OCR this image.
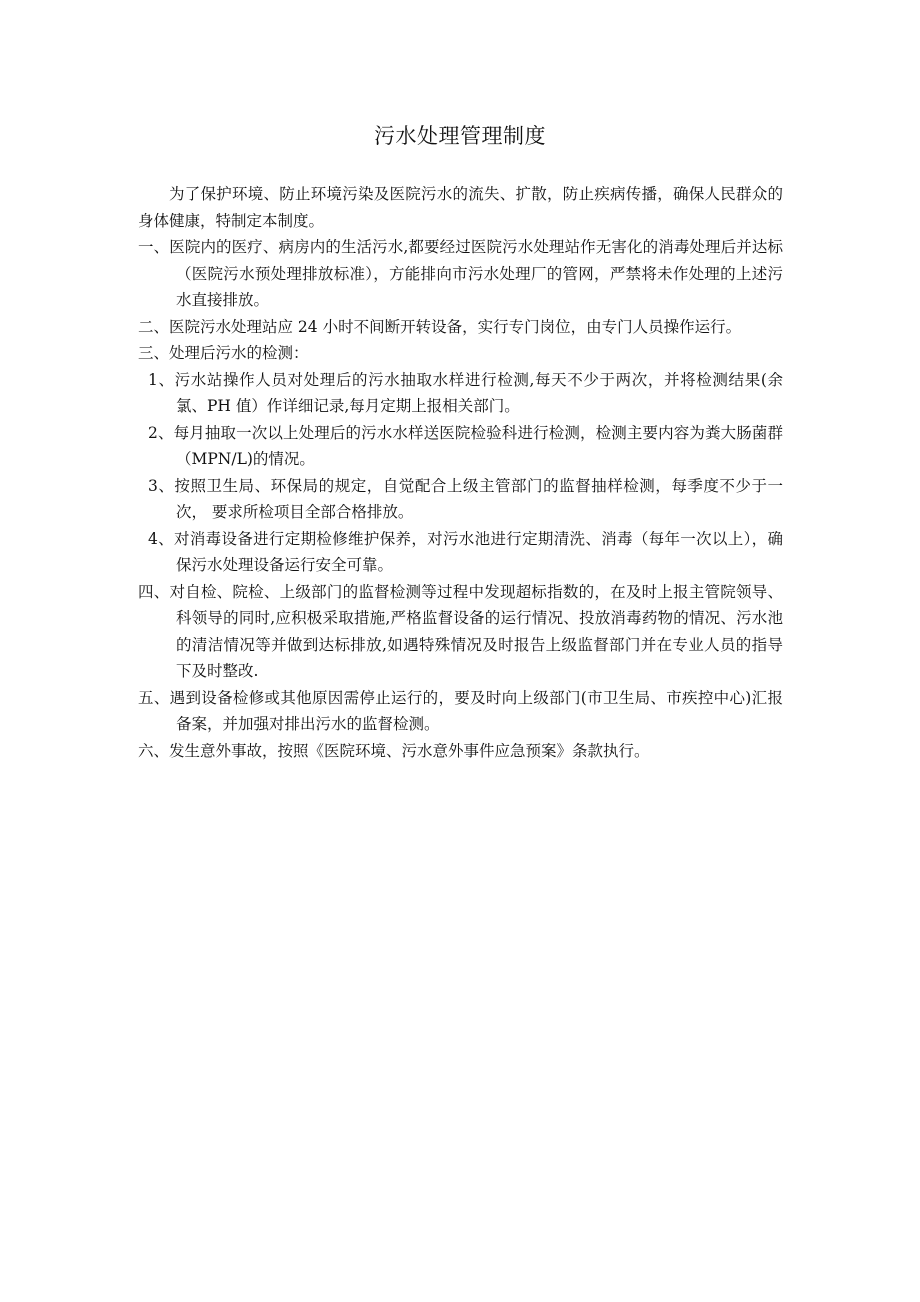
污水处理管理制度

为了保护环境、防止环境污染及医院污水的流失、扩散，防止疾病传播，确保人民群众的身体健康，特制定本制度。

一、医院内的医疗、病房内的生活污水,都要经过医院污水处理站作无害化的消毒处理后并达标（医院污水预处理排放标准），方能排向市污水处理厂的管网，严禁将未作处理的上述污水直接排放。

二、医院污水处理站应 24 小时不间断开转设备，实行专门岗位，由专门人员操作运行。

三、处理后污水的检测：

1、污水站操作人员对处理后的污水抽取水样进行检测,每天不少于两次，并将检测结果(余氯、PH 值）作详细记录,每月定期上报相关部门。

2、每月抽取一次以上处理后的污水水样送医院检验科进行检测，检测主要内容为粪大肠菌群（MPN/L)的情况。

3、按照卫生局、环保局的规定，自觉配合上级主管部门的监督抽样检测，每季度不少于一次， 要求所检项目全部合格排放。

4、对消毒设备进行定期检修维护保养，对污水池进行定期清洗、消毒（每年一次以上），确保污水处理设备运行安全可靠。

四、对自检、院检、上级部门的监督检测等过程中发现超标指数的，在及时上报主管院领导、科领导的同时,应积极采取措施,严格监督设备的运行情况、投放消毒药物的情况、污水池的清洁情况等并做到达标排放,如遇特殊情况及时报告上级监督部门并在专业人员的指导下及时整改.

五、遇到设备检修或其他原因需停止运行的，要及时向上级部门(市卫生局、市疾控中心)汇报备案，并加强对排出污水的监督检测。

六、发生意外事故，按照《医院环境、污水意外事件应急预案》条款执行。
